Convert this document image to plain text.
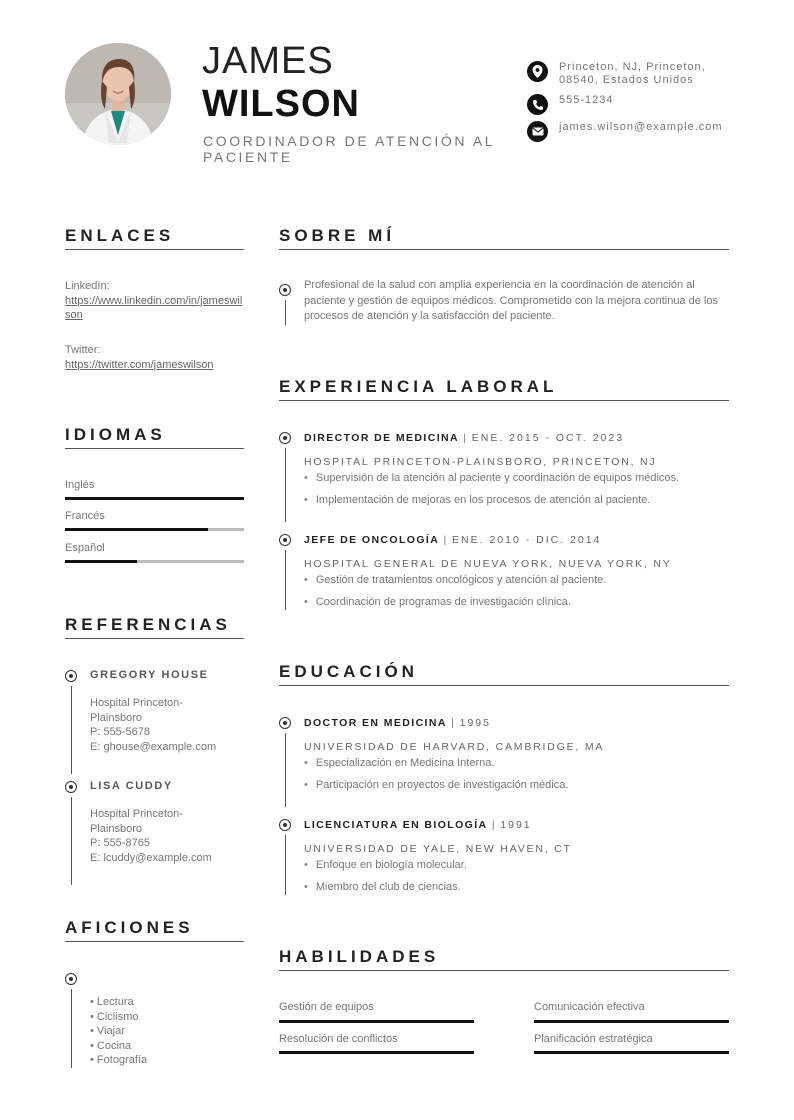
JAMES
WILSON
COORDINADOR DE ATENCIÓN AL PACIENTE
Princeton, NJ, Princeton, 08540, Estados Unidos
555-1234
james.wilson@example.com
ENLACES
LinkedIn:
https://www.linkedin.com/in/jameswilson
Twitter:
https://twitter.com/jameswilson
IDIOMAS
Inglés
Francés
Español
REFERENCIAS
GREGORY HOUSE
Hospital Princeton-Plainsboro
P: 555-5678
E: ghouse@example.com
LISA CUDDY
Hospital Princeton-Plainsboro
P: 555-8765
E: lcuddy@example.com
AFICIONES
• Lectura
• Ciclismo
• Viajar
• Cocina
• Fotografía
SOBRE MÍ
Profesional de la salud con amplia experiencia en la coordinación de atención al paciente y gestión de equipos médicos. Comprometido con la mejora continua de los procesos de atención y la satisfacción del paciente.
EXPERIENCIA LABORAL
DIRECTOR DE MEDICINA | ENE. 2015 - OCT. 2023
HOSPITAL PRINCETON-PLAINSBORO, PRINCETON, NJ
• Supervisión de la atención al paciente y coordinación de equipos médicos.
• Implementación de mejoras en los procesos de atención al paciente.
JEFE DE ONCOLOGÍA | ENE. 2010 - DIC. 2014
HOSPITAL GENERAL DE NUEVA YORK, NUEVA YORK, NY
• Gestión de tratamientos oncológicos y atención al paciente.
• Coordinación de programas de investigación clínica.
EDUCACIÓN
DOCTOR EN MEDICINA | 1995
UNIVERSIDAD DE HARVARD, CAMBRIDGE, MA
• Especialización en Medicina Interna.
• Participación en proyectos de investigación médica.
LICENCIATURA EN BIOLOGÍA | 1991
UNIVERSIDAD DE YALE, NEW HAVEN, CT
• Enfoque en biología molecular.
• Miembro del club de ciencias.
HABILIDADES
Gestión de equipos	Comunicación efectiva
Resolución de conflictos	Planificación estratégica
